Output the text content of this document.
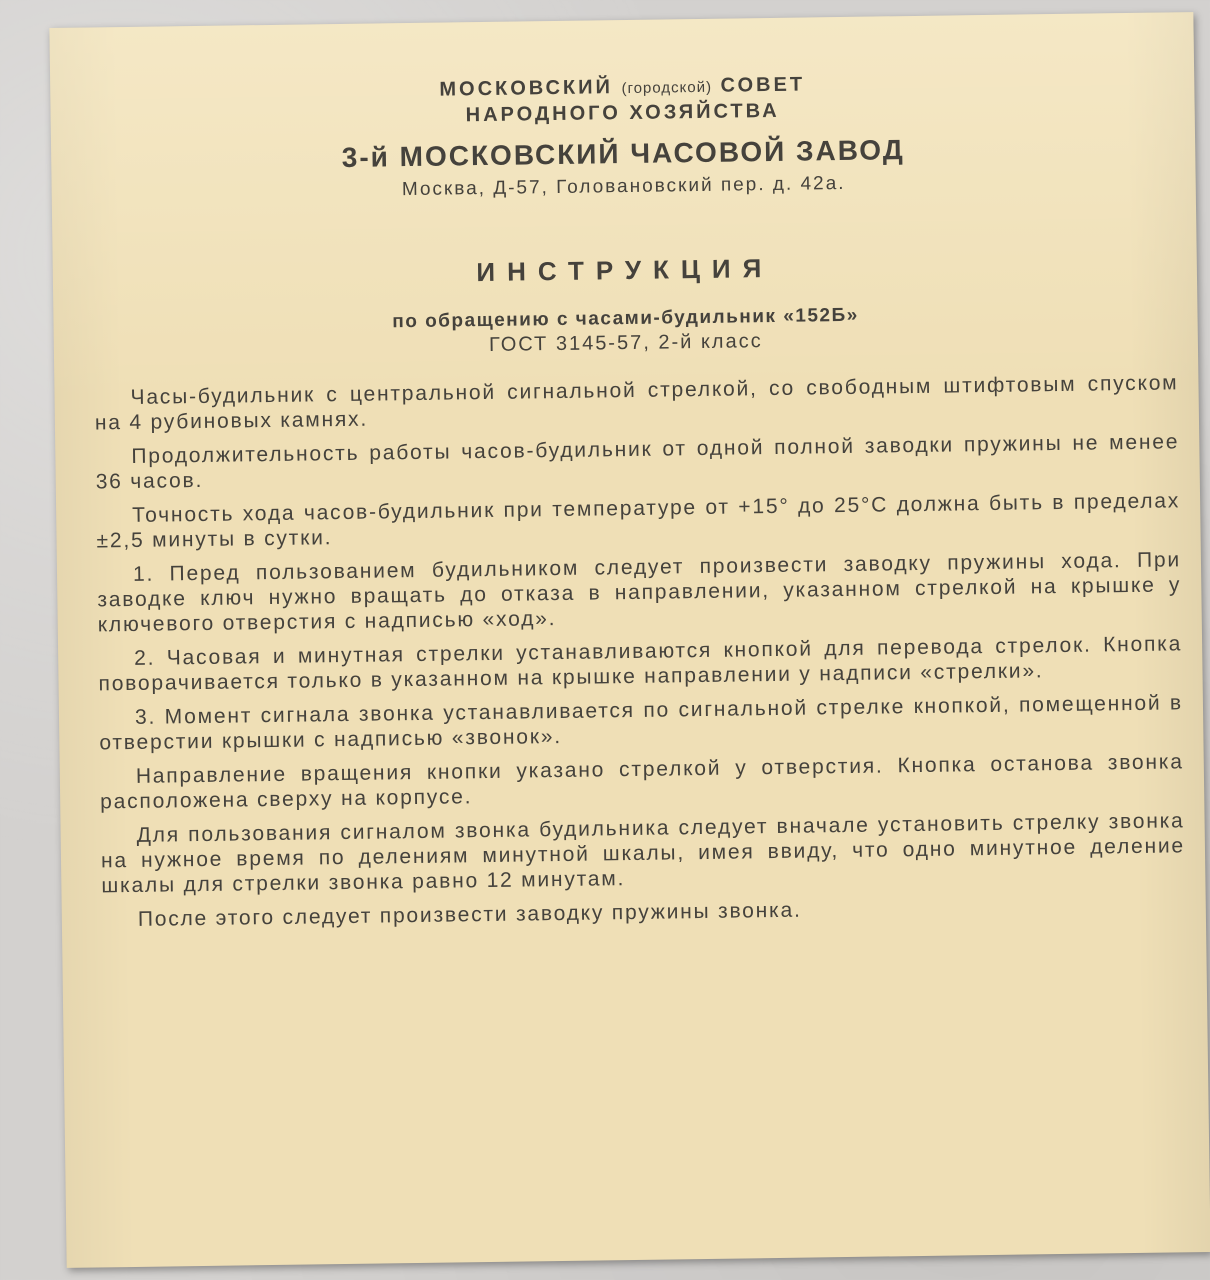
МОСКОВСКИЙ (городской) СОВЕТ
НАРОДНОГО ХОЗЯЙСТВА
3-й МОСКОВСКИЙ ЧАСОВОЙ ЗАВОД
Москва, Д-57, Головановский пер. д. 42а.
ИНСТРУКЦИЯ
по обращению с часами-будильник «152Б»
ГОСТ 3145-57, 2-й класс

Часы-будильник с центральной сигнальной стрелкой, со свободным штифтовым спуском на 4 рубиновых камнях.

Продолжительность работы часов-будильник от одной полной заводки пружины не менее 36 часов.

Точность хода часов-будильник при температуре от +15° до 25°С должна быть в пределах ±2,5 минуты в сутки.

1. Перед пользованием будильником следует произвести заводку пружины хода. При заводке ключ нужно вращать до отказа в направлении, указанном стрелкой на крышке у ключевого отверстия с надписью «ход».

2. Часовая и минутная стрелки устанавливаются кнопкой для перевода стрелок. Кнопка поворачивается только в указанном на крышке направлении у надписи «стрелки».

3. Момент сигнала звонка устанавливается по сигнальной стрелке кнопкой, помещенной в отверстии крышки с надписью «звонок».

Направление вращения кнопки указано стрелкой у отверстия. Кнопка останова звонка расположена сверху на корпусе.

Для пользования сигналом звонка будильника следует вначале установить стрелку звонка на нужное время по делениям минутной шкалы, имея ввиду, что одно минутное деление шкалы для стрелки звонка равно 12 минутам.

После этого следует произвести заводку пружины звонка.
